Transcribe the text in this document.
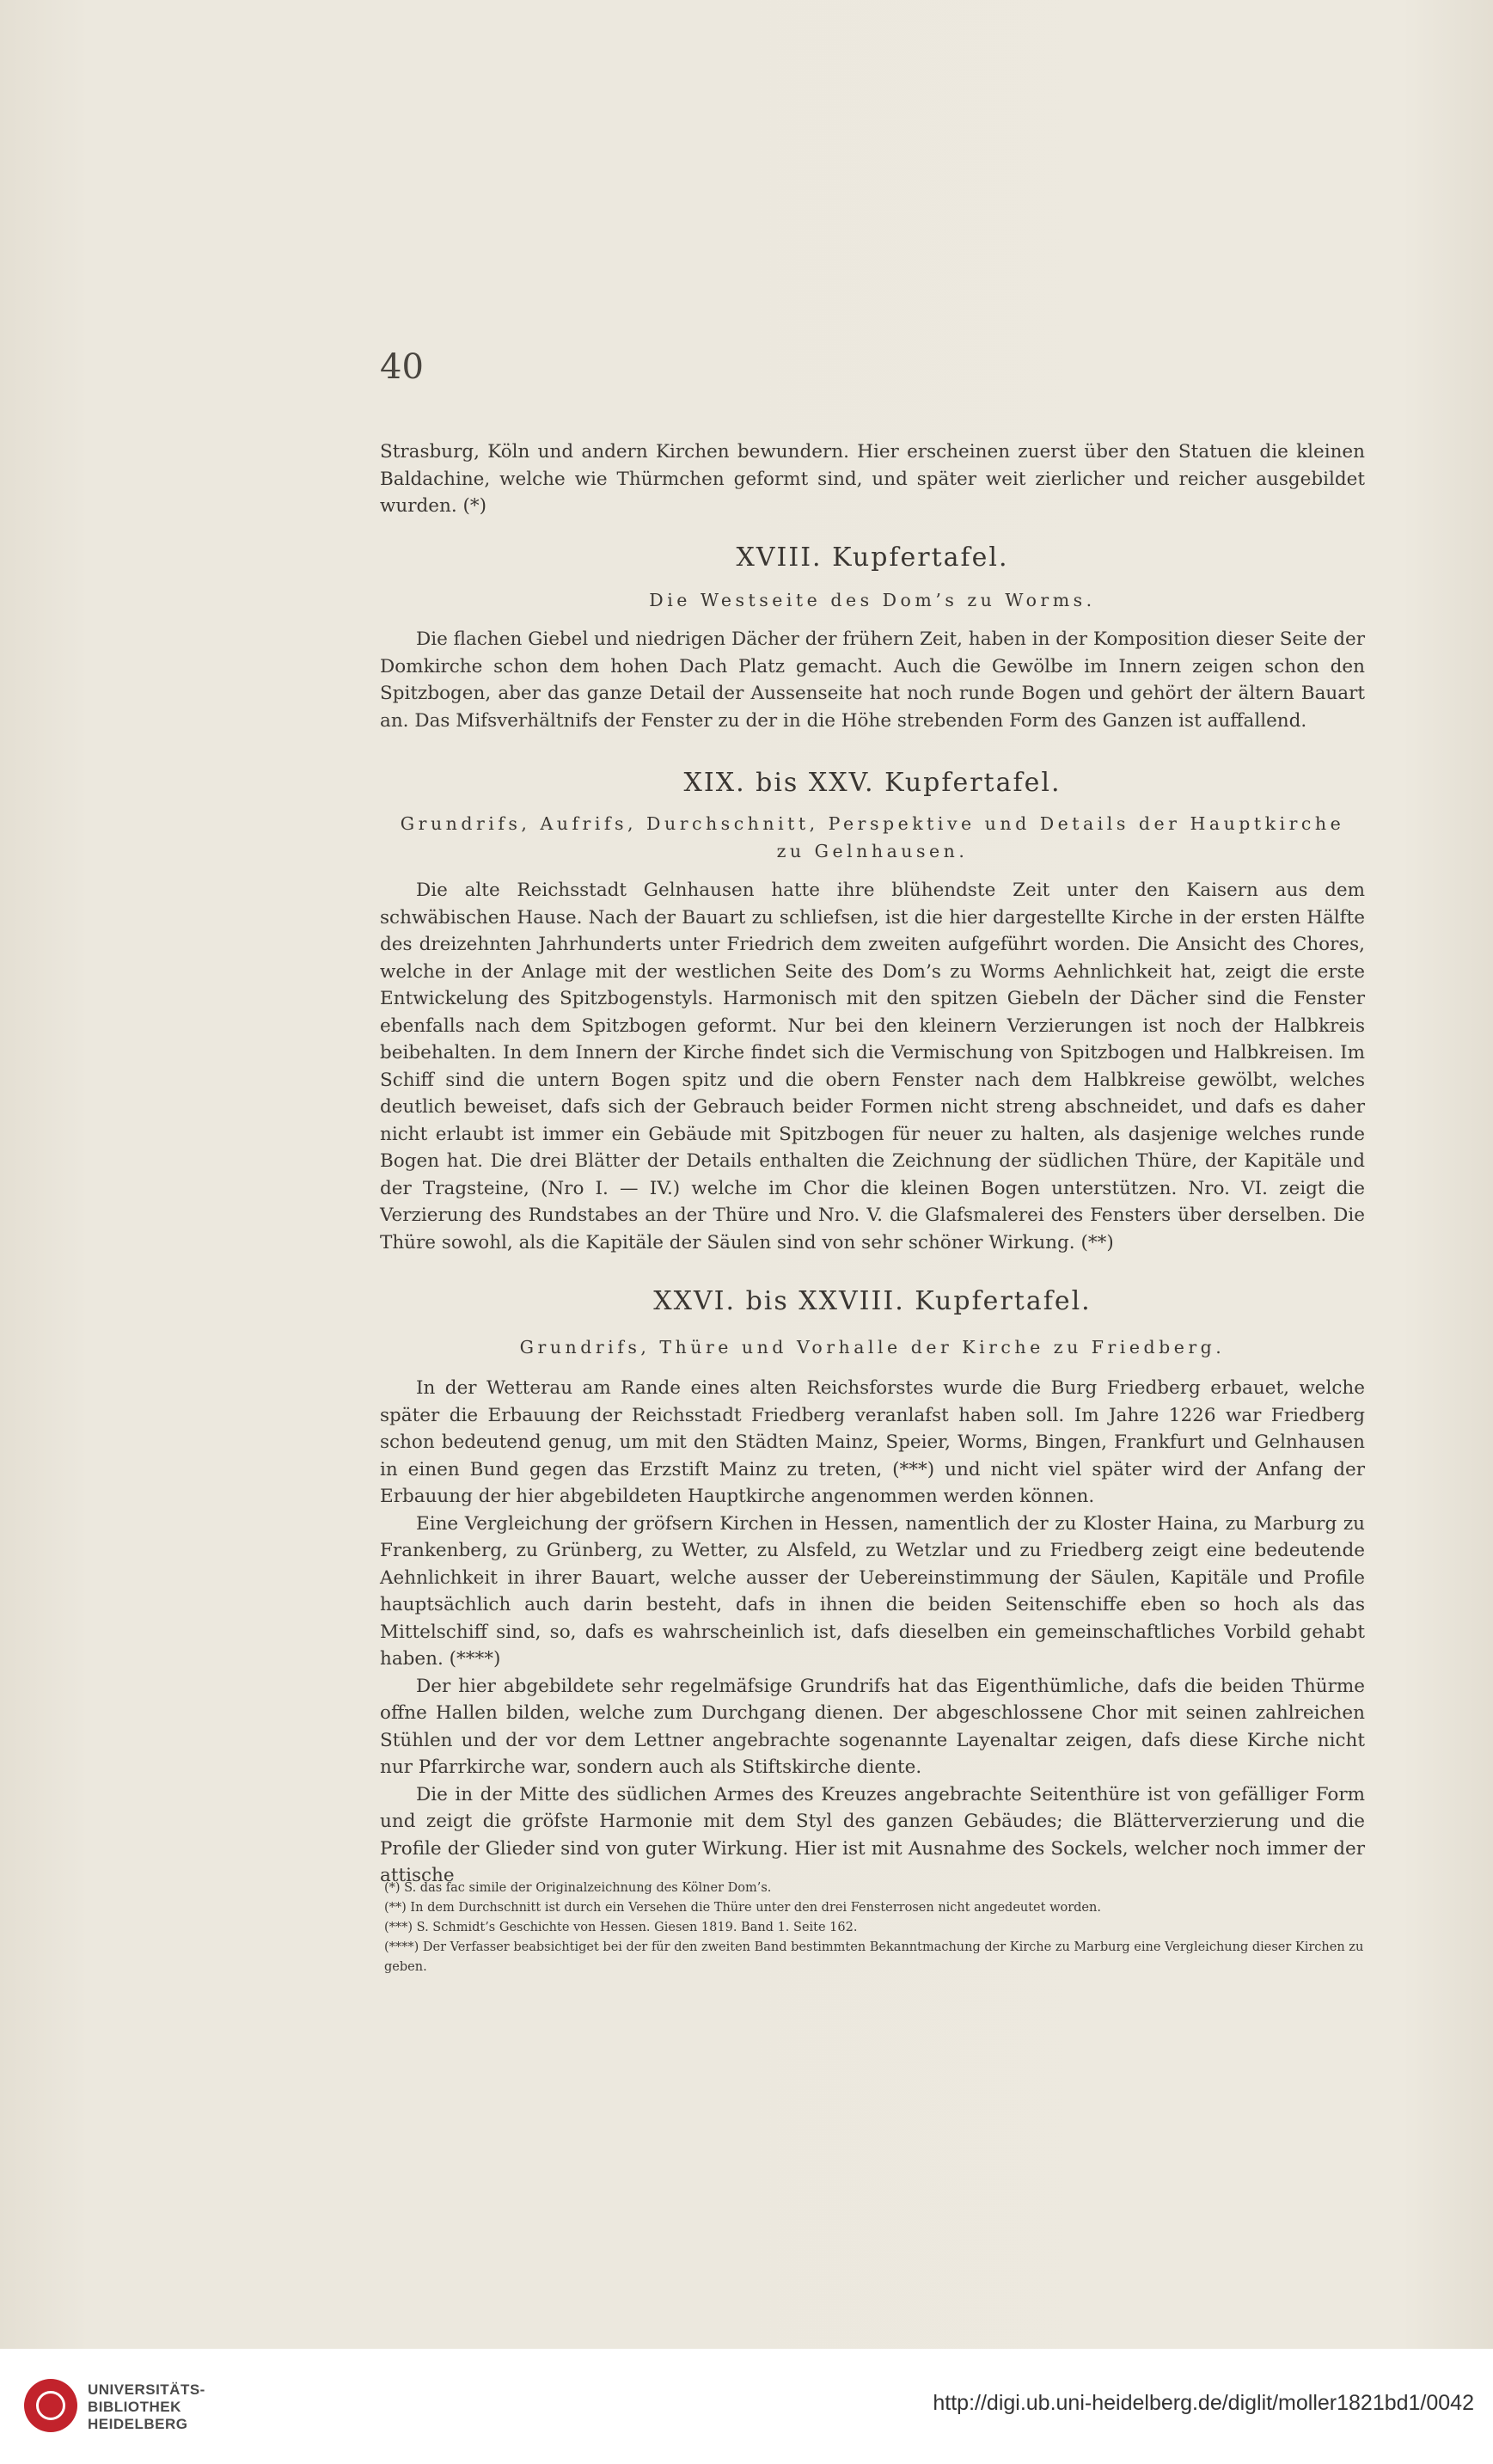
40

Strasburg, Köln und andern Kirchen bewundern. Hier erscheinen zuerst über den Statuen die kleinen Baldachine, welche wie Thürmchen geformt sind, und später weit zierlicher und reicher ausgebildet wurden. (*)

XVIII. Kupfertafel.
Die Westseite des Dom’s zu Worms.

Die flachen Giebel und niedrigen Dächer der frühern Zeit, haben in der Komposition dieser Seite der Domkirche schon dem hohen Dach Platz gemacht. Auch die Gewölbe im Innern zeigen schon den Spitzbogen, aber das ganze Detail der Aussenseite hat noch runde Bogen und gehört der ältern Bauart an. Das Mifsverhältnifs der Fenster zu der in die Höhe strebenden Form des Ganzen ist auffallend.

XIX. bis XXV. Kupfertafel.
Grundrifs, Aufrifs, Durchschnitt, Perspektive und Details der Hauptkirche
zu Gelnhausen.

Die alte Reichsstadt Gelnhausen hatte ihre blühendste Zeit unter den Kaisern aus dem schwäbischen Hause. Nach der Bauart zu schliefsen, ist die hier dargestellte Kirche in der ersten Hälfte des dreizehnten Jahrhunderts unter Friedrich dem zweiten aufgeführt worden. Die Ansicht des Chores, welche in der Anlage mit der westlichen Seite des Dom’s zu Worms Aehnlichkeit hat, zeigt die erste Entwickelung des Spitzbogenstyls. Harmonisch mit den spitzen Giebeln der Dächer sind die Fenster ebenfalls nach dem Spitzbogen geformt. Nur bei den kleinern Verzierungen ist noch der Halbkreis beibehalten. In dem Innern der Kirche findet sich die Vermischung von Spitzbogen und Halbkreisen. Im Schiff sind die untern Bogen spitz und die obern Fenster nach dem Halbkreise gewölbt, welches deutlich beweiset, dafs sich der Gebrauch beider Formen nicht streng abschneidet, und dafs es daher nicht erlaubt ist immer ein Gebäude mit Spitzbogen für neuer zu halten, als dasjenige welches runde Bogen hat. Die drei Blätter der Details enthalten die Zeichnung der südlichen Thüre, der Kapitäle und der Tragsteine, (Nro I. — IV.) welche im Chor die kleinen Bogen unterstützen. Nro. VI. zeigt die Verzierung des Rundstabes an der Thüre und Nro. V. die Glafsmalerei des Fensters über derselben. Die Thüre sowohl, als die Kapitäle der Säulen sind von sehr schöner Wirkung. (**)

XXVI. bis XXVIII. Kupfertafel.
Grundrifs, Thüre und Vorhalle der Kirche zu Friedberg.

In der Wetterau am Rande eines alten Reichsforstes wurde die Burg Friedberg erbauet, welche später die Erbauung der Reichsstadt Friedberg veranlafst haben soll. Im Jahre 1226 war Friedberg schon bedeutend genug, um mit den Städten Mainz, Speier, Worms, Bingen, Frankfurt und Gelnhausen in einen Bund gegen das Erzstift Mainz zu treten, (***) und nicht viel später wird der Anfang der Erbauung der hier abgebildeten Hauptkirche angenommen werden können.

Eine Vergleichung der gröfsern Kirchen in Hessen, namentlich der zu Kloster Haina, zu Marburg zu Frankenberg, zu Grünberg, zu Wetter, zu Alsfeld, zu Wetzlar und zu Friedberg zeigt eine bedeutende Aehnlichkeit in ihrer Bauart, welche ausser der Uebereinstimmung der Säulen, Kapitäle und Profile hauptsächlich auch darin besteht, dafs in ihnen die beiden Seitenschiffe eben so hoch als das Mittelschiff sind, so, dafs es wahrscheinlich ist, dafs dieselben ein gemeinschaftliches Vorbild gehabt haben. (****)

Der hier abgebildete sehr regelmäfsige Grundrifs hat das Eigenthümliche, dafs die beiden Thürme offne Hallen bilden, welche zum Durchgang dienen. Der abgeschlossene Chor mit seinen zahlreichen Stühlen und der vor dem Lettner angebrachte sogenannte Layenaltar zeigen, dafs diese Kirche nicht nur Pfarrkirche war, sondern auch als Stiftskirche diente.

Die in der Mitte des südlichen Armes des Kreuzes angebrachte Seitenthüre ist von gefälliger Form und zeigt die gröfste Harmonie mit dem Styl des ganzen Gebäudes; die Blätterverzierung und die Profile der Glieder sind von guter Wirkung. Hier ist mit Ausnahme des Sockels, welcher noch immer der attische

(*) S. das fac simile der Originalzeichnung des Kölner Dom’s.

(**) In dem Durchschnitt ist durch ein Versehen die Thüre unter den drei Fensterrosen nicht angedeutet worden.

(***) S. Schmidt’s Geschichte von Hessen. Giesen 1819. Band 1. Seite 162.

(****) Der Verfasser beabsichtiget bei der für den zweiten Band bestimmten Bekanntmachung der Kirche zu Marburg eine Vergleichung dieser Kirchen zu geben.

UNIVERSITÄTS-
BIBLIOTHEK
HEIDELBERG
http://digi.ub.uni-heidelberg.de/diglit/moller1821bd1/0042
